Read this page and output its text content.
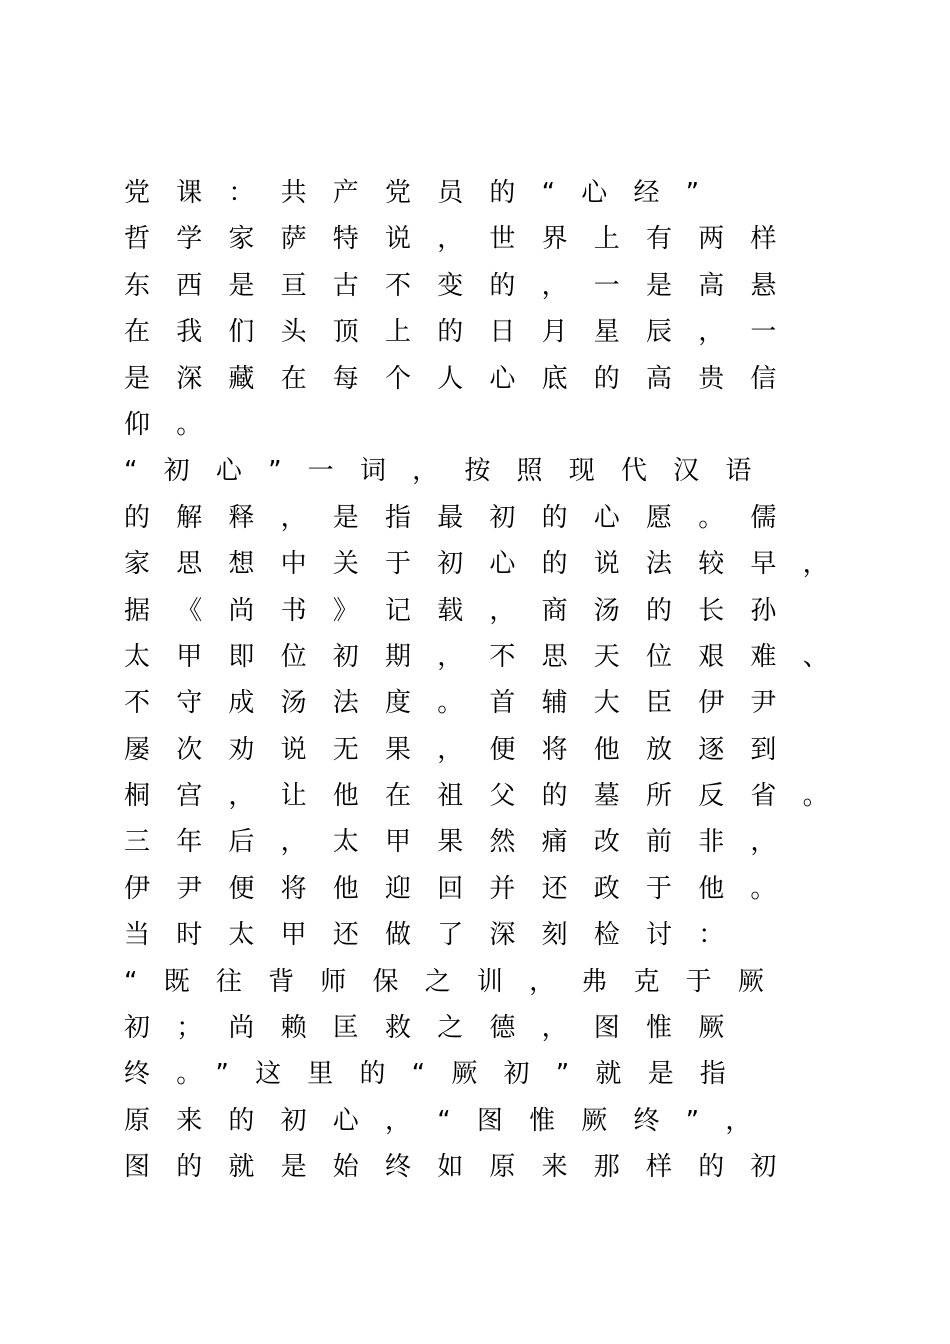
党课：共产党员的“心经”
哲学家萨特说，世界上有两样
东西是亘古不变的，一是高悬
在我们头顶上的日月星辰，一
是深藏在每个人心底的高贵信
仰。
“初心”一词，按照现代汉语
的解释，是指最初的心愿。儒
家思想中关于初心的说法较早，
据《尚书》记载，商汤的长孙
太甲即位初期，不思天位艰难、
不守成汤法度。首辅大臣伊尹
屡次劝说无果，便将他放逐到
桐宫，让他在祖父的墓所反省。
三年后，太甲果然痛改前非，
伊尹便将他迎回并还政于他。
当时太甲还做了深刻检讨：
“既往背师保之训，弗克于厥
初；尚赖匡救之德，图惟厥
终。”这里的“厥初”就是指
原来的初心，“图惟厥终”，
图的就是始终如原来那样的初
